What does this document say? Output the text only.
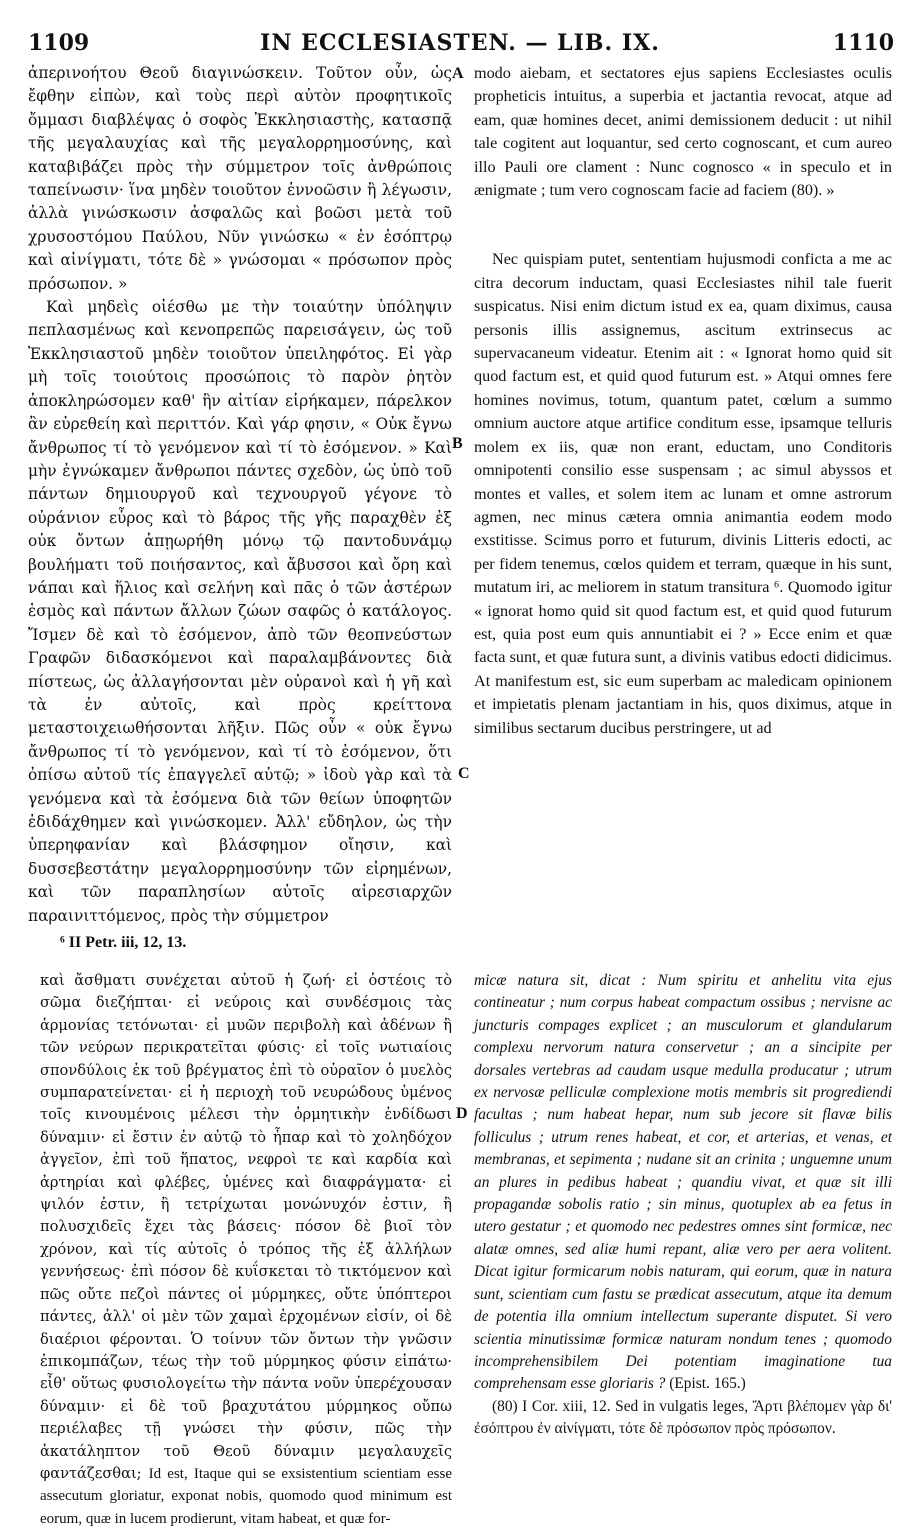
1109	IN ECCLESIASTEN. — LIB. IX.	1110

ἀπερινοήτου Θεοῦ διαγινώσκειν. Τοῦτον οὖν, ὡς ἔφθην εἰπὼν, καὶ τοὺς περὶ αὐτὸν προφητικοῖς ὄμμασι διαβλέψας ὁ σοφὸς Ἐκκλησιαστὴς, κατασπᾷ τῆς μεγαλαυχίας καὶ τῆς μεγαλορρημοσύνης, καὶ καταβιβάζει πρὸς τὴν σύμμετρον τοῖς ἀνθρώποις ταπείνωσιν· ἵνα μηδὲν τοιοῦτον ἐννοῶσιν ἢ λέγωσιν, ἀλλὰ γινώσκωσιν ἀσφαλῶς καὶ βοῶσι μετὰ τοῦ χρυσοστόμου Παύλου, Νῦν γινώσκω « ἐν ἐσόπτρῳ καὶ αἰνίγματι, τότε δὲ » γνώσομαι « πρόσωπον πρὸς πρόσωπον. »

Καὶ μηδεὶς οἰέσθω με τὴν τοιαύτην ὑπόληψιν πεπλασμένως καὶ κενοπρεπῶς παρεισάγειν, ὡς τοῦ Ἐκκλησιαστοῦ μηδὲν τοιοῦτον ὑπειληφότος. Εἰ γὰρ μὴ τοῖς τοιούτοις προσώποις τὸ παρὸν ῥητὸν ἀποκληρώσομεν καθ' ἣν αἰτίαν εἰρήκαμεν, πάρελκον ἂν εὑρεθείη καὶ περιττόν. Καὶ γάρ φησιν, « Οὐκ ἔγνω ἄνθρωπος τί τὸ γενόμενον καὶ τί τὸ ἐσόμενον. » Καὶ μὴν ἐγνώκαμεν ἄνθρωποι πάντες σχεδὸν, ὡς ὑπὸ τοῦ πάντων δημιουργοῦ καὶ τεχνουργοῦ γέγονε τὸ οὐράνιον εὖρος καὶ τὸ βάρος τῆς γῆς παραχθὲν ἐξ οὐκ ὄντων ἀπῃωρήθη μόνῳ τῷ παντοδυνάμῳ βουλήματι τοῦ ποιήσαντος, καὶ ἄβυσσοι καὶ ὄρη καὶ νάπαι καὶ ἥλιος καὶ σελήνη καὶ πᾶς ὁ τῶν ἀστέρων ἑσμὸς καὶ πάντων ἄλλων ζώων σαφῶς ὁ κατάλογος. Ἴσμεν δὲ καὶ τὸ ἐσόμενον, ἀπὸ τῶν θεοπνεύστων Γραφῶν διδασκόμενοι καὶ παραλαμβάνοντες διὰ πίστεως, ὡς ἀλλαγήσονται μὲν οὐρανοὶ καὶ ἡ γῆ καὶ τὰ ἐν αὐτοῖς, καὶ πρὸς κρείττονα μεταστοιχειωθήσονται λῆξιν. Πῶς οὖν « οὐκ ἔγνω ἄνθρωπος τί τὸ γενόμενον, καὶ τί τὸ ἐσόμενον, ὅτι ὀπίσω αὐτοῦ τίς ἐπαγγελεῖ αὐτῷ; » ἰδοὺ γὰρ καὶ τὰ γενόμενα καὶ τὰ ἐσόμενα διὰ τῶν θείων ὑποφητῶν ἐδιδάχθημεν καὶ γινώσκομεν. Ἀλλ' εὔδηλον, ὡς τὴν ὑπερηφανίαν καὶ βλάσφημον οἴησιν, καὶ δυσσεβεστάτην μεγαλορρημοσύνην τῶν εἰρημένων, καὶ τῶν παραπλησίων αὐτοῖς αἱρεσιαρχῶν παραινιττόμενος, πρὸς τὴν σύμμετρον

A
B
C
D

modo aiebam, et sectatores ejus sapiens Ecclesiastes oculis propheticis intuitus, a superbia et jactantia revocat, atque ad eam, quæ homines decet, animi demissionem deducit : ut nihil tale cogitent aut loquantur, sed certo cognoscant, et cum aureo illo Pauli ore clament : Nunc cognosco « in speculo et in ænigmate ; tum vero cognoscam facie ad faciem (80). »

Nec quispiam putet, sententiam hujusmodi conficta a me ac citra decorum inductam, quasi Ecclesiastes nihil tale fuerit suspicatus. Nisi enim dictum istud ex ea, quam diximus, causa personis illis assignemus, ascitum extrinsecus ac supervacaneum videatur. Etenim ait : « Ignorat homo quid sit quod factum est, et quid quod futurum est. » Atqui omnes fere homines novimus, totum, quantum patet, cœlum a summo omnium auctore atque artifice conditum esse, ipsamque telluris molem ex iis, quæ non erant, eductam, uno Conditoris omnipotenti consilio esse suspensam ; ac simul abyssos et montes et valles, et solem item ac lunam et omne astrorum agmen, nec minus cætera omnia animantia eodem modo exstitisse. Scimus porro et futurum, divinis Litteris edocti, ac per fidem tenemus, cœlos quidem et terram, quæque in his sunt, mutatum iri, ac meliorem in statum transitura ⁶. Quomodo igitur « ignorat homo quid sit quod factum est, et quid quod futurum est, quia post eum quis annuntiabit ei ? » Ecce enim et quæ facta sunt, et quæ futura sunt, a divinis vatibus edocti didicimus. At manifestum est, sic eum superbam ac maledicam opinionem et impietatis plenam jactantiam in his, quos diximus, atque in similibus sectarum ducibus perstringere, ut ad

⁶ II Petr. iii, 12, 13.

καὶ ἄσθματι συνέχεται αὐτοῦ ἡ ζωή· εἰ ὀστέοις τὸ σῶμα διεζήπται· εἰ νεύροις καὶ συνδέσμοις τὰς ἁρμονίας τετόνωται· εἰ μυῶν περιβολὴ καὶ ἀδένων ἢ τῶν νεύρων περικρατεῖται φύσις· εἰ τοῖς νωτιαίοις σπονδύλοις ἐκ τοῦ βρέγματος ἐπὶ τὸ οὐραῖον ὁ μυελὸς συμπαρατείνεται· εἰ ἡ περιοχὴ τοῦ νευρώδους ὑμένος τοῖς κινουμένοις μέλεσι τὴν ὁρμητικὴν ἐνδίδωσι δύναμιν· εἰ ἔστιν ἐν αὐτῷ τὸ ἧπαρ καὶ τὸ χοληδόχον ἀγγεῖον, ἐπὶ τοῦ ἥπατος, νεφροὶ τε καὶ καρδία καὶ ἀρτηρίαι καὶ φλέβες, ὑμένες καὶ διαφράγματα· εἰ ψιλόν ἐστιν, ἢ τετρίχωται μονώνυχόν ἐστιν, ἢ πολυσχιδεῖς ἔχει τὰς βάσεις· πόσον δὲ βιοῖ τὸν χρόνον, καὶ τίς αὐτοῖς ὁ τρόπος τῆς ἐξ ἀλλήλων γεννήσεως· ἐπὶ πόσον δὲ κυΐσκεται τὸ τικτόμενον καὶ πῶς οὔτε πεζοὶ πάντες οἱ μύρμηκες, οὔτε ὑπόπτεροι πάντες, ἀλλ' οἱ μὲν τῶν χαμαὶ ἐρχομένων εἰσίν, οἱ δὲ διαέριοι φέρονται. Ὁ τοίνυν τῶν ὄντων τὴν γνῶσιν ἐπικομπάζων, τέως τὴν τοῦ μύρμηκος φύσιν εἰπάτω· εἶθ' οὕτως φυσιολογείτω τὴν πάντα νοῦν ὑπερέχουσαν δύναμιν· εἰ δὲ τοῦ βραχυτάτου μύρμηκος οὔπω περιέλαβες τῇ γνώσει τὴν φύσιν, πῶς τὴν ἀκατάληπτον τοῦ Θεοῦ δύναμιν μεγαλαυχεῖς φαντάζεσθαι; Id est, Itaque qui se exsistentium scientiam esse assecutum gloriatur, exponat nobis, quomodo quod minimum est eorum, quæ in lucem prodierunt, vitam habeat, et quæ for-

micæ natura sit, dicat : Num spiritu et anhelitu vita ejus contineatur ; num corpus habeat compactum ossibus ; nervisne ac juncturis compages explicet ; an musculorum et glandularum complexu nervorum natura conservetur ; an a sincipite per dorsales vertebras ad caudam usque medulla producatur ; utrum ex nervosæ pelliculæ complexione motis membris sit progrediendi facultas ; num habeat hepar, num sub jecore sit flavæ bilis folliculus ; utrum renes habeat, et cor, et arterias, et venas, et membranas, et sepimenta ; nudane sit an crinita ; unguemne unum an plures in pedibus habeat ; quandiu vivat, et quæ sit illi propagandæ sobolis ratio ; sin minus, quotuplex ab ea fetus in utero gestatur ; et quomodo nec pedestres omnes sint formicæ, nec alatæ omnes, sed aliæ humi repant, aliæ vero per aera volitent. Dicat igitur formicarum nobis naturam, qui eorum, quæ in natura sunt, scientiam cum fastu se prædicat assecutum, atque ita demum de potentia illa omnium intellectum superante disputet. Si vero scientia minutissimæ formicæ naturam nondum tenes ; quomodo incomprehensibilem Dei potentiam imaginatione tua comprehensam esse gloriaris ? (Epist. 165.)

(80) I Cor. xiii, 12. Sed in vulgatis leges, Ἄρτι βλέπομεν γὰρ δι' ἐσόπτρου ἐν αἰνίγματι, τότε δὲ πρόσωπον πρὸς πρόσωπον.
